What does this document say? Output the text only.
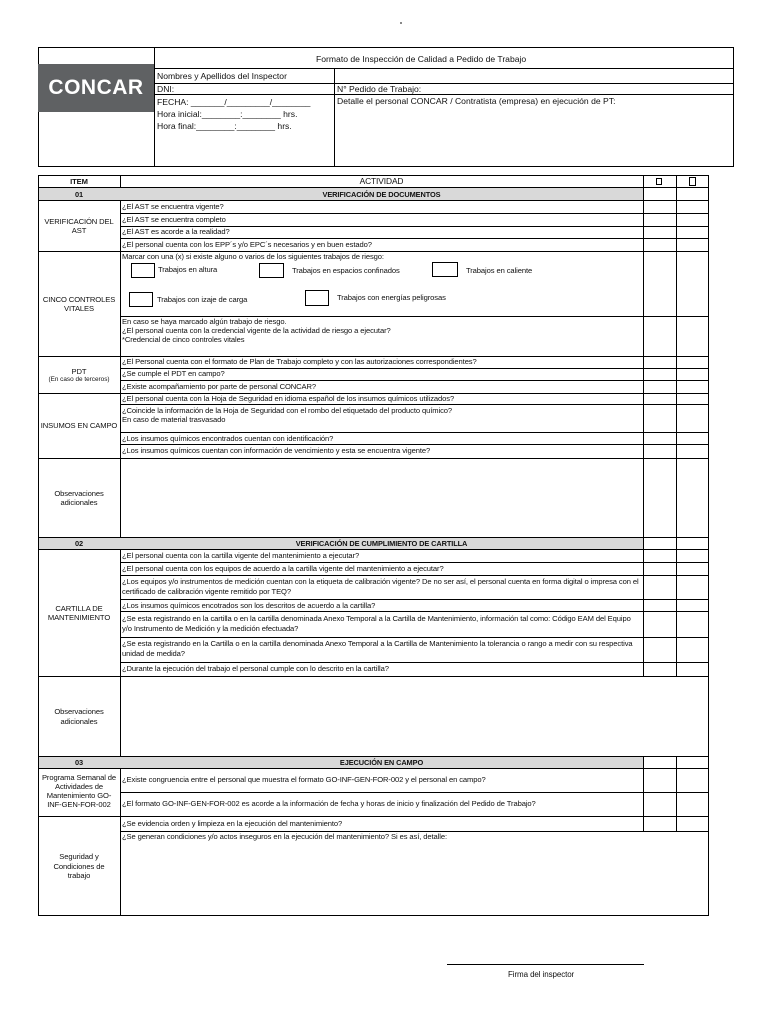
CONCAR
Formato de Inspección de Calidad a Pedido de Trabajo
Nombres y Apellidos del Inspector
DNI:
FECHA: _______/_________/________
Hora inicial:________:________ hrs.
Hora final:________:________ hrs.
N° Pedido de Trabajo:
Detalle el personal CONCAR / Contratista (empresa) en ejecución de PT:
ITEM	ACTIVIDAD
01	VERIFICACIÓN DE DOCUMENTOS
VERIFICACIÓN DEL AST
¿El AST se encuentra vigente?
¿El AST se encuentra completo
¿El AST es acorde a la realidad?
¿El personal cuenta con los EPP´s y/o EPC´s necesarios y en buen estado?
CINCO CONTROLES VITALES
Marcar con una (x) si existe alguno o varios de los siguientes trabajos de riesgo:
Trabajos en altura	Trabajos en espacios confinados	Trabajos en caliente
Trabajos con izaje de carga	Trabajos con energías peligrosas
En caso se haya marcado algún trabajo de riesgo.
¿El personal cuenta con la credencial vigente de la actividad de riesgo a ejecutar?
*Credencial de cinco controles vitales
PDT
(En caso de terceros)
¿El Personal cuenta con el formato de Plan de Trabajo completo y con las autorizaciones correspondientes?
¿Se cumple el PDT en campo?
¿Existe acompañamiento por parte de personal CONCAR?
INSUMOS EN CAMPO
¿El personal cuenta con la Hoja de Seguridad en idioma español de los insumos químicos utilizados?
¿Coincide la información de la Hoja de Seguridad con el rombo del etiquetado del producto químico?
En caso de material trasvasado
¿Los insumos químicos encontrados cuentan con identificación?
¿Los insumos químicos cuentan con información de vencimiento y esta se encuentra vigente?
Observaciones adicionales
02	VERIFICACIÓN DE CUMPLIMIENTO DE CARTILLA
CARTILLA DE MANTENIMIENTO
¿El personal cuenta con la cartilla vigente del mantenimiento a ejecutar?
¿El personal cuenta con los equipos de acuerdo a la cartilla vigente del mantenimiento a ejecutar?
¿Los equipos y/o instrumentos de medición cuentan con la etiqueta de calibración vigente? De no ser así, el personal cuenta en forma digital o impresa con el certificado de calibración vigente remitido por TEQ?
¿Los insumos químicos encotrados son los descritos de acuerdo a la cartilla?
¿Se esta registrando en la cartilla o en la cartilla denominada Anexo Temporal a la Cartilla de Mantenimiento, información tal como: Código EAM del Equipo y/o Instrumento de Medición y la medición efectuada?
¿Se esta registrando en la Cartilla o en la cartilla denominada Anexo Temporal a la Cartilla de Mantenimiento la tolerancia o rango a medir con su respectiva unidad de medida?
¿Durante la ejecución del trabajo el personal cumple con lo descrito en la cartilla?
Observaciones adicionales
03	EJECUCIÓN EN CAMPO
Programa Semanal de Actividades de Mantenimiento GO-INF-GEN-FOR-002
¿Existe congruencia entre el personal que muestra el formato GO-INF-GEN-FOR-002 y el personal en campo?
¿El formato GO-INF-GEN-FOR-002 es acorde a la información de fecha y horas de inicio y finalización del Pedido de Trabajo?
Seguridad y Condiciones de trabajo
¿Se evidencia orden y limpieza en la ejecución del mantenimiento?
¿Se generan condiciones y/o actos inseguros en la ejecución del mantenimiento? Si es así, detalle:
Firma del inspector
